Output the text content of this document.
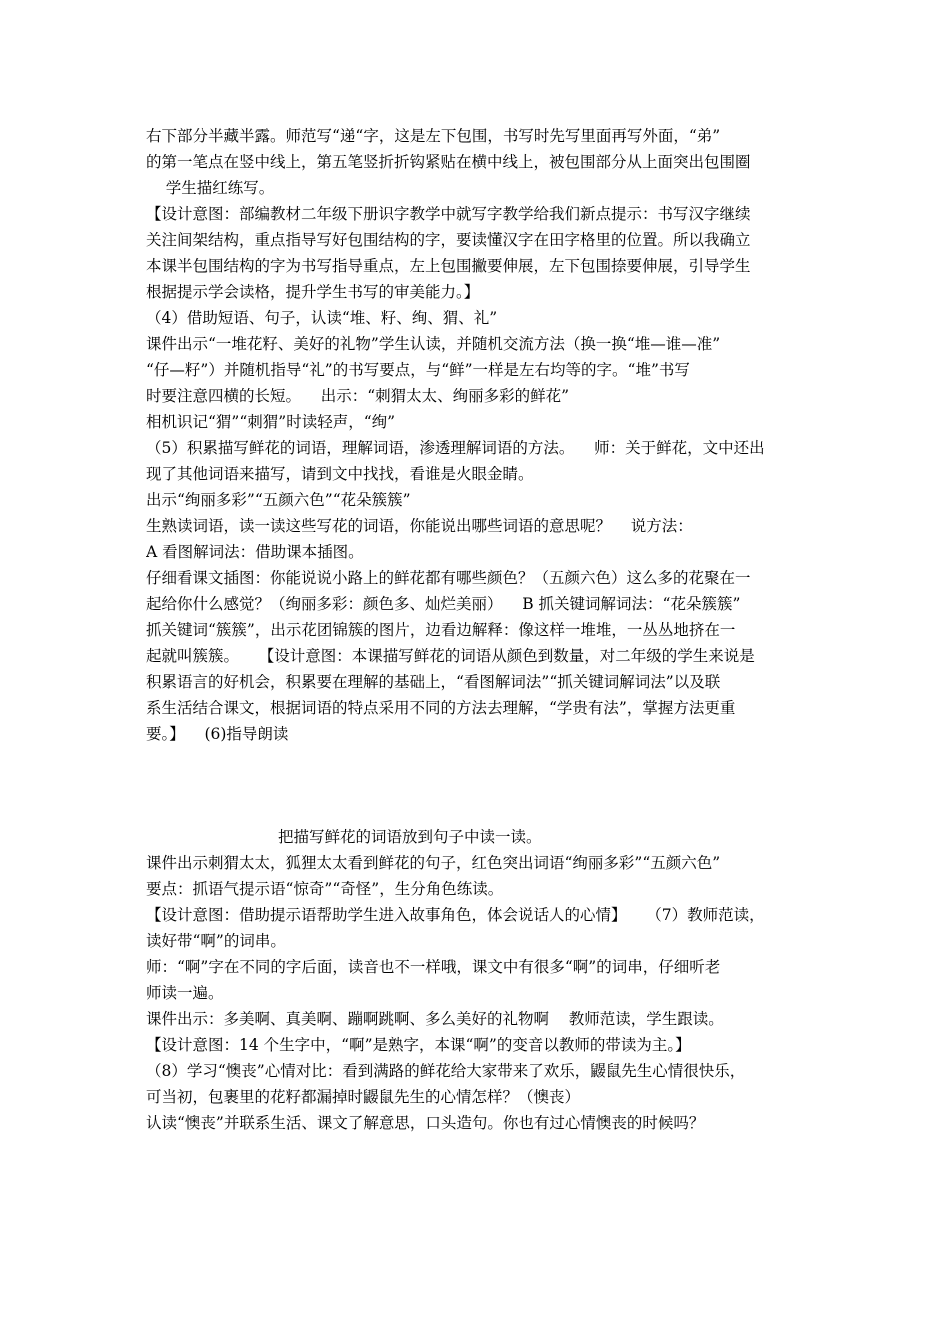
右下部分半藏半露。师范写“递“字，这是左下包围，书写时先写里面再写外面，“弟”
的第一笔点在竖中线上，第五笔竖折折钩紧贴在横中线上，被包围部分从上面突出包围圈
学生描红练写。
【设计意图：部编教材二年级下册识字教学中就写字教学给我们新点提示：书写汉字继续
关注间架结构，重点指导写好包围结构的字，要读懂汉字在田字格里的位置。所以我确立
本课半包围结构的字为书写指导重点，左上包围撇要伸展，左下包围捺要伸展，引导学生
根据提示学会读格，提升学生书写的审美能力。】
（4）借助短语、句子，认读“堆、籽、绚、猬、礼”
课件出示“一堆花籽、美好的礼物”学生认读，并随机交流方法（换一换“堆—谁—准”
“仔—籽”）并随机指导“礼”的书写要点，与“鲜”一样是左右均等的字。“堆”书写
时要注意四横的长短。    出示：“刺猬太太、绚丽多彩的鲜花”
相机识记“猬”“刺猬”时读轻声，“绚”
（5）积累描写鲜花的词语，理解词语，渗透理解词语的方法。    师：关于鲜花，文中还出
现了其他词语来描写，请到文中找找，看谁是火眼金睛。
出示“绚丽多彩”“五颜六色”“花朵簇簇”
生熟读词语，读一读这些写花的词语，你能说出哪些词语的意思呢？    说方法：
A 看图解词法：借助课本插图。
仔细看课文插图：你能说说小路上的鲜花都有哪些颜色？（五颜六色）这么多的花聚在一
起给你什么感觉？（绚丽多彩：颜色多、灿烂美丽）    B 抓关键词解词法：“花朵簇簇”
抓关键词“簇簇”，出示花团锦簇的图片，边看边解释：像这样一堆堆，一丛丛地挤在一
起就叫簇簇。    【设计意图：本课描写鲜花的词语从颜色到数量，对二年级的学生来说是
积累语言的好机会，积累要在理解的基础上，“看图解词法”“抓关键词解词法”以及联
系生活结合课文，根据词语的特点采用不同的方法去理解，“学贵有法”，掌握方法更重
要。】    (6)指导朗读
把描写鲜花的词语放到句子中读一读。
课件出示刺猬太太，狐狸太太看到鲜花的句子，红色突出词语“绚丽多彩”“五颜六色”
要点：抓语气提示语“惊奇”“奇怪”，生分角色练读。
【设计意图：借助提示语帮助学生进入故事角色，体会说话人的心情】    （7）教师范读，
读好带“啊”的词串。
师：“啊”字在不同的字后面，读音也不一样哦，课文中有很多“啊”的词串，仔细听老
师读一遍。
课件出示：多美啊、真美啊、蹦啊跳啊、多么美好的礼物啊    教师范读，学生跟读。
【设计意图：14 个生字中，“啊”是熟字，本课“啊”的变音以教师的带读为主。】
（8）学习“懊丧”心情对比：看到满路的鲜花给大家带来了欢乐，鼹鼠先生心情很快乐，
可当初，包裹里的花籽都漏掉时鼹鼠先生的心情怎样？（懊丧）
认读“懊丧”并联系生活、课文了解意思，口头造句。你也有过心情懊丧的时候吗？
